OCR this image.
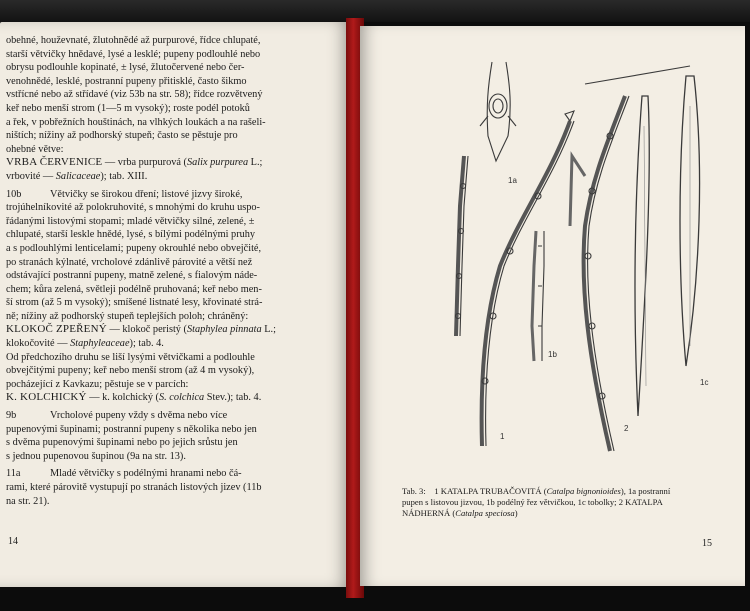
obehné, houževnaté, žlutohnědé až purpurové, řídce chlupaté,

starší větvičky hnědavé, lysé a lesklé; pupeny podlouhlé nebo

obrysu podlouhle kopinaté, ± lysé, žlutočervené nebo čer-

venohnědé, lesklé, postranní pupeny přitisklé, často šikmo

vstřícné nebo až střídavé (viz 53b na str. 58); řídce rozvětvený

keř nebo menší strom (1—5 m vysoký); roste podél potoků

a řek, v pobřežních houštinách, na vlhkých loukách a na rašeli-

ništích; nížiny až podhorský stupeň; často se pěstuje pro

ohebné větve:

VRBA ČERVENICE — vrba purpurová (Salix purpurea L.;

vrbovité — Salicaceae); tab. XIII.

10b	Větvičky se širokou dření; listové jizvy široké,

trojúhelníkovité až polokruhovité, s mnohými do kruhu uspo-

řádanými listovými stopami; mladé větvičky silné, zelené, ±

chlupaté, starší leskle hnědé, lysé, s bílými podélnými pruhy

a s podlouhlými lenticelami; pupeny okrouhlé nebo obvejčité,

po stranách kýlnaté, vrcholové zdánlivě párovité a větší než

odstávající postranní pupeny, matně zelené, s fialovým náde-

chem; kůra zelená, světleji podélně pruhovaná; keř nebo men-

ší strom (až 5 m vysoký); smíšené listnaté lesy, křovinaté strá-

ně; nížiny až podhorský stupeň teplejších poloh; chráněný:

KLOKOČ ZPEŘENÝ — klokoč peristý (Staphylea pinnata L.;

klokočovité — Staphyleaceae); tab. 4.

Od předchozího druhu se liší lysými větvičkami a podlouhle

obvejčitými pupeny; keř nebo menší strom (až 4 m vysoký),

pocházející z Kavkazu; pěstuje se v parcích:

K. KOLCHICKÝ — k. kolchický (S. colchica Stev.); tab. 4.

9b	Vrcholové pupeny vždy s dvěma nebo více

pupenovými šupinami; postranní pupeny s několika nebo jen

s dvěma pupenovými šupinami nebo po jejich srůstu jen

s jednou pupenovou šupinou (9a na str. 13).

11a	Mladé větvičky s podélnými hranami nebo čá-

rami, které párovitě vystupují po stranách listových jizev (11b

na str. 21).

14
1a
1b
1c
1
2
Tab. 3: 1 KATALPA TRUBAČOVITÁ (Catalpa bignonioides), 1a postranní pupen s listovou jizvou, 1b podélný řez větvičkou, 1c tobolky; 2 KATALPA NÁDHERNÁ (Catalpa speciosa)
15
